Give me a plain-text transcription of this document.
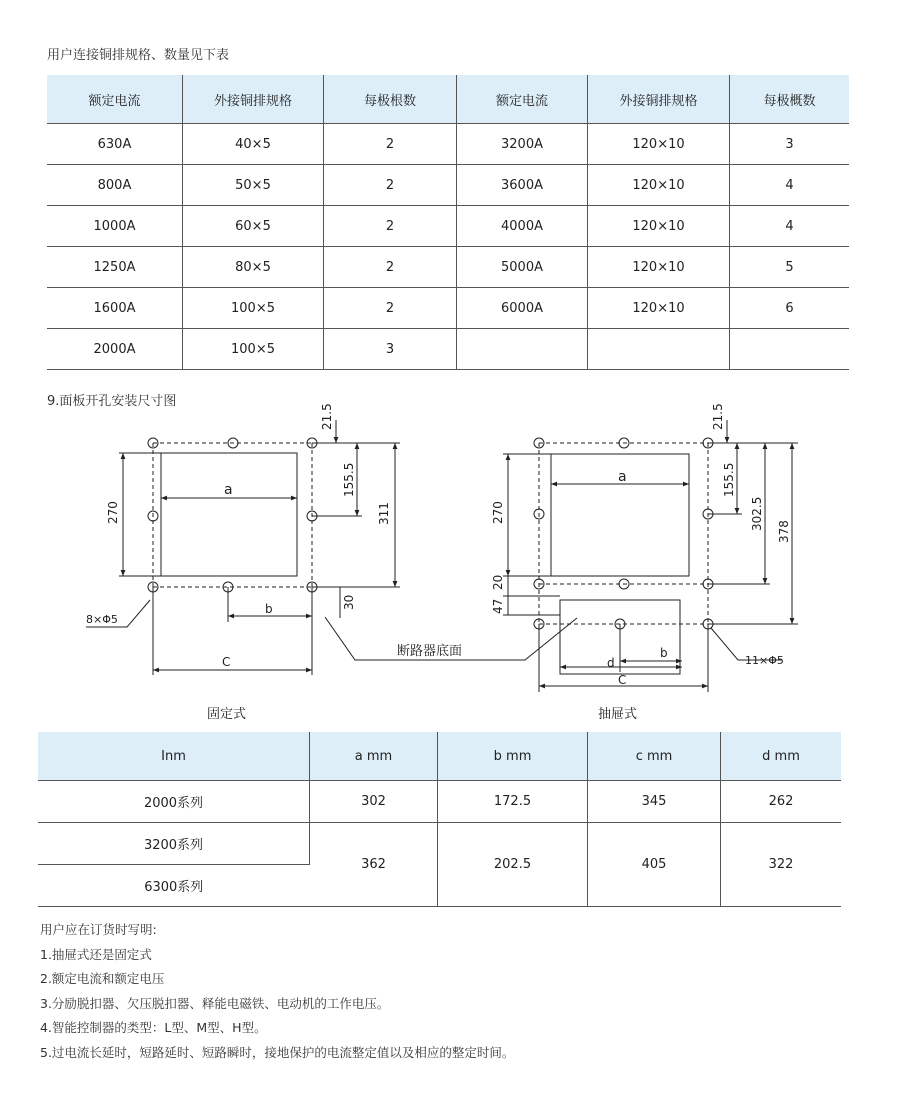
用户连接铜排规格、数量见下表
额定电流	外接铜排规格	每极根数	额定电流	外接铜排规格	每极概数
630A	40×5	2	3200A	120×10	3
800A	50×5	2	3600A	120×10	4
1000A	60×5	2	4000A	120×10	4
1250A	80×5	2	5000A	120×10	5
1600A	100×5	2	6000A	120×10	6
2000A	100×5	3			
9.面板开孔安装尺寸图
a
b
C
270
21.5
155.5
311
30
8×Φ5
断路器底面
a
b
d
C
270
20
47
21.5
155.5
302.5
378
11×Φ5
固定式	抽屉式
Inm	a mm	b mm	c mm	d mm
2000系列	302	172.5	345	262
3200系列	362	202.5	405	322
6300系列				
用户应在订货时写明:
1.抽屉式还是固定式
2.额定电流和额定电压
3.分励脱扣器、欠压脱扣器、释能电磁铁、电动机的工作电压。
4.智能控制器的类型：L型、M型、H型。
5.过电流长延时，短路延时、短路瞬时，接地保护的电流整定值以及相应的整定时间。
